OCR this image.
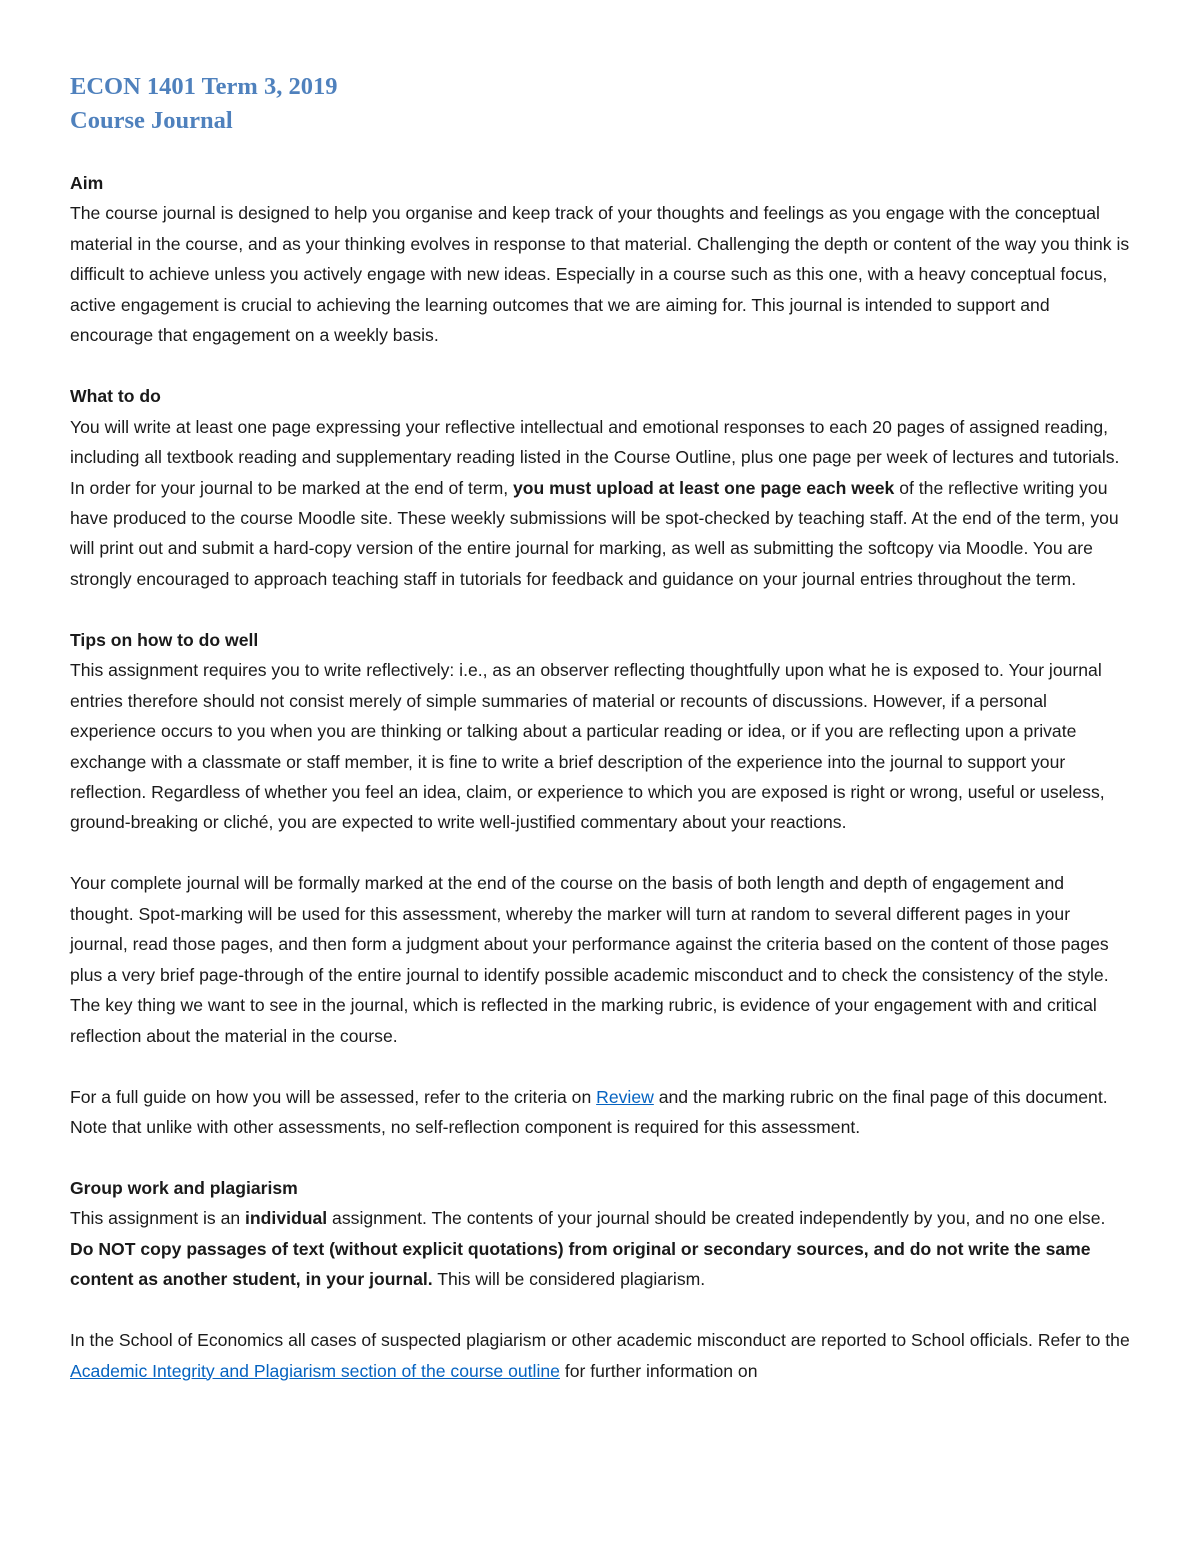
ECON 1401 Term 3, 2019
Course Journal

Aim

The course journal is designed to help you organise and keep track of your thoughts and feelings as you engage with the conceptual material in the course, and as your thinking evolves in response to that material. Challenging the depth or content of the way you think is difficult to achieve unless you actively engage with new ideas. Especially in a course such as this one, with a heavy conceptual focus, active engagement is crucial to achieving the learning outcomes that we are aiming for. This journal is intended to support and encourage that engagement on a weekly basis.

What to do

You will write at least one page expressing your reflective intellectual and emotional responses to each 20 pages of assigned reading, including all textbook reading and supplementary reading listed in the Course Outline, plus one page per week of lectures and tutorials. In order for your journal to be marked at the end of term, you must upload at least one page each week of the reflective writing you have produced to the course Moodle site. These weekly submissions will be spot-checked by teaching staff. At the end of the term, you will print out and submit a hard-copy version of the entire journal for marking, as well as submitting the softcopy via Moodle. You are strongly encouraged to approach teaching staff in tutorials for feedback and guidance on your journal entries throughout the term.

Tips on how to do well

This assignment requires you to write reflectively: i.e., as an observer reflecting thoughtfully upon what he is exposed to. Your journal entries therefore should not consist merely of simple summaries of material or recounts of discussions. However, if a personal experience occurs to you when you are thinking or talking about a particular reading or idea, or if you are reflecting upon a private exchange with a classmate or staff member, it is fine to write a brief description of the experience into the journal to support your reflection. Regardless of whether you feel an idea, claim, or experience to which you are exposed is right or wrong, useful or useless, ground-breaking or cliché, you are expected to write well-justified commentary about your reactions.

Your complete journal will be formally marked at the end of the course on the basis of both length and depth of engagement and thought. Spot-marking will be used for this assessment, whereby the marker will turn at random to several different pages in your journal, read those pages, and then form a judgment about your performance against the criteria based on the content of those pages plus a very brief page-through of the entire journal to identify possible academic misconduct and to check the consistency of the style. The key thing we want to see in the journal, which is reflected in the marking rubric, is evidence of your engagement with and critical reflection about the material in the course.

For a full guide on how you will be assessed, refer to the criteria on Review and the marking rubric on the final page of this document. Note that unlike with other assessments, no self-reflection component is required for this assessment.

Group work and plagiarism

This assignment is an individual assignment. The contents of your journal should be created independently by you, and no one else. Do NOT copy passages of text (without explicit quotations) from original or secondary sources, and do not write the same content as another student, in your journal. This will be considered plagiarism.

In the School of Economics all cases of suspected plagiarism or other academic misconduct are reported to School officials. Refer to the Academic Integrity and Plagiarism section of the course outline for further information on
